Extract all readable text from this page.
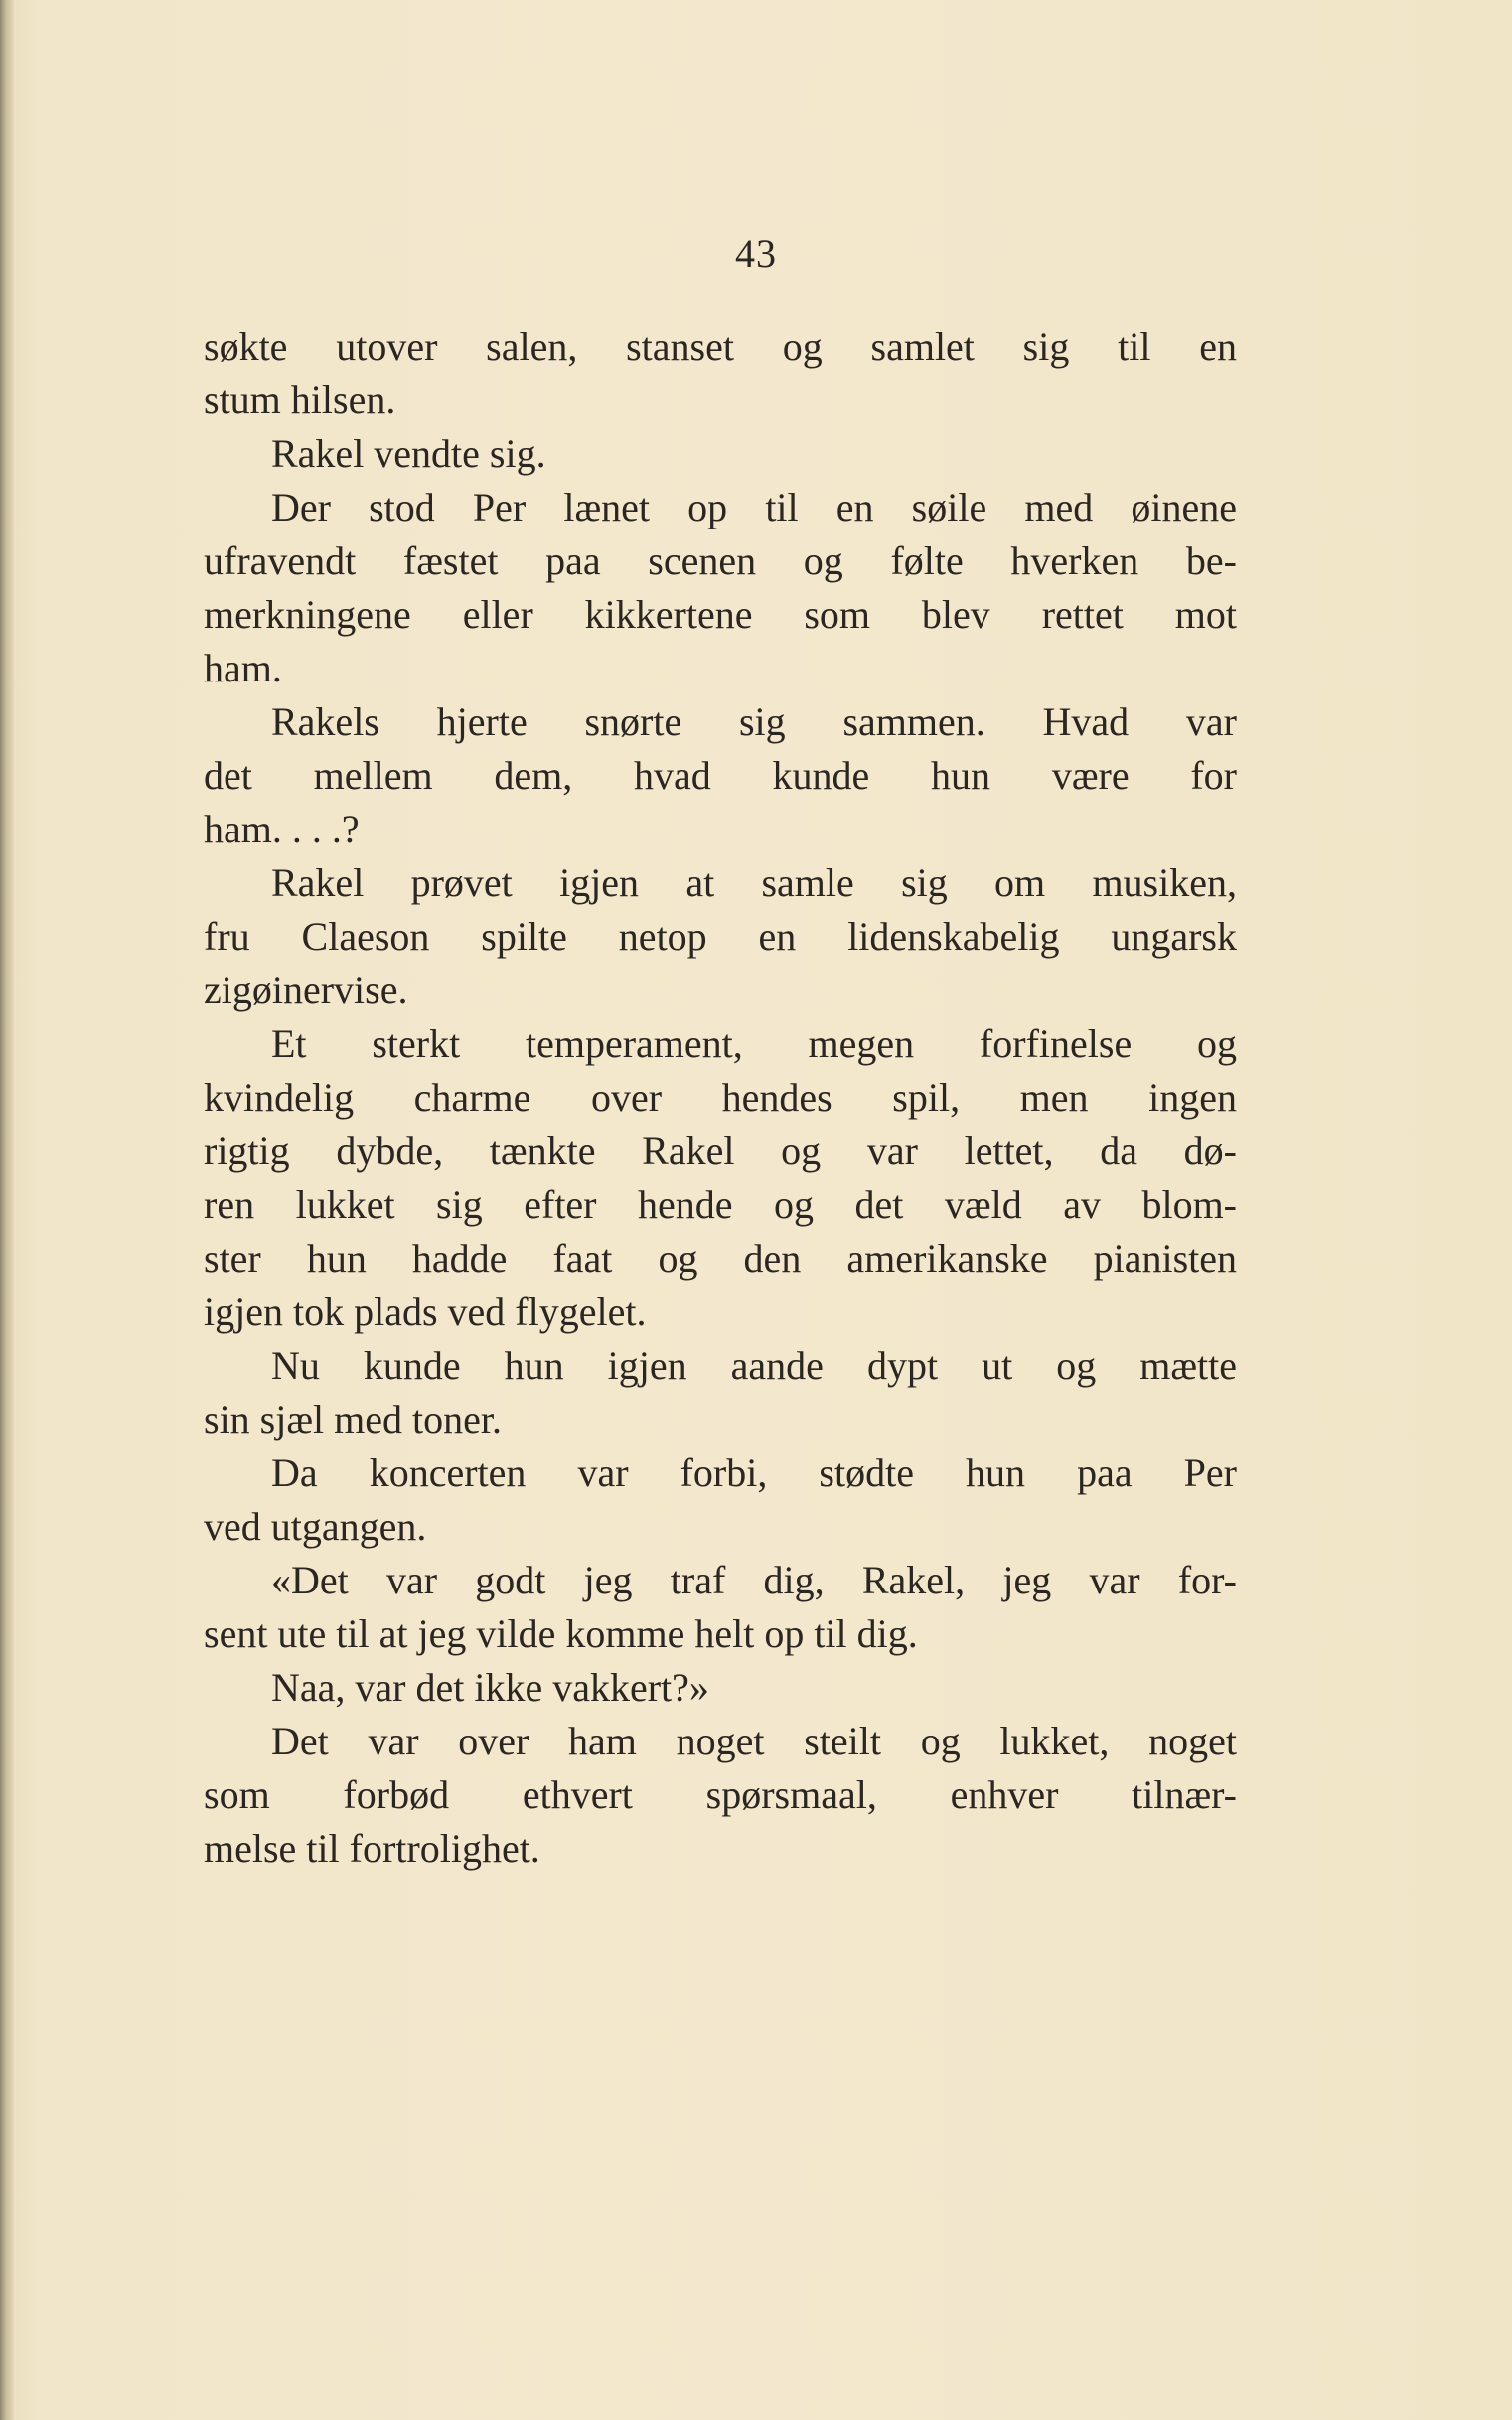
43
søkte utover salen, stanset og samlet sig til en
stum hilsen.
Rakel vendte sig.
Der stod Per lænet op til en søile med øinene
ufravendt fæstet paa scenen og følte hverken be-
merkningene eller kikkertene som blev rettet mot
ham.
Rakels hjerte snørte sig sammen. Hvad var
det mellem dem, hvad kunde hun være for
ham. . . .?
Rakel prøvet igjen at samle sig om musiken,
fru Claeson spilte netop en lidenskabelig ungarsk
zigøinervise.
Et sterkt temperament, megen forfinelse og
kvindelig charme over hendes spil, men ingen
rigtig dybde, tænkte Rakel og var lettet, da dø-
ren lukket sig efter hende og det væld av blom-
ster hun hadde faat og den amerikanske pianisten
igjen tok plads ved flygelet.
Nu kunde hun igjen aande dypt ut og mætte
sin sjæl med toner.
Da koncerten var forbi, stødte hun paa Per
ved utgangen.
«Det var godt jeg traf dig, Rakel, jeg var for-
sent ute til at jeg vilde komme helt op til dig.
Naa, var det ikke vakkert?»
Det var over ham noget steilt og lukket, noget
som forbød ethvert spørsmaal, enhver tilnær-
melse til fortrolighet.
